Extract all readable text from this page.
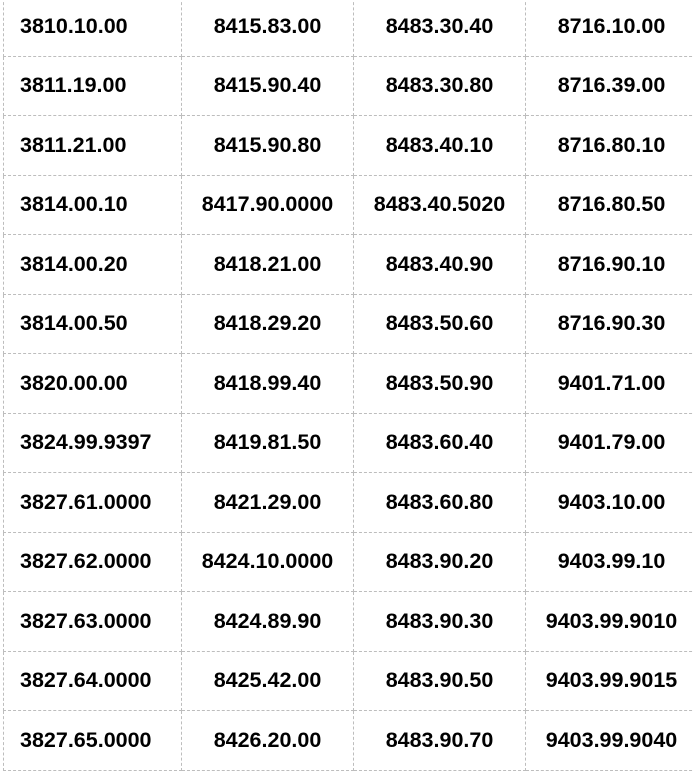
3810.10.00	8415.83.00	8483.30.40	8716.10.00
3811.19.00	8415.90.40	8483.30.80	8716.39.00
3811.21.00	8415.90.80	8483.40.10	8716.80.10
3814.00.10	8417.90.0000	8483.40.5020	8716.80.50
3814.00.20	8418.21.00	8483.40.90	8716.90.10
3814.00.50	8418.29.20	8483.50.60	8716.90.30
3820.00.00	8418.99.40	8483.50.90	9401.71.00
3824.99.9397	8419.81.50	8483.60.40	9401.79.00
3827.61.0000	8421.29.00	8483.60.80	9403.10.00
3827.62.0000	8424.10.0000	8483.90.20	9403.99.10
3827.63.0000	8424.89.90	8483.90.30	9403.99.9010
3827.64.0000	8425.42.00	8483.90.50	9403.99.9015
3827.65.0000	8426.20.00	8483.90.70	9403.99.9040
